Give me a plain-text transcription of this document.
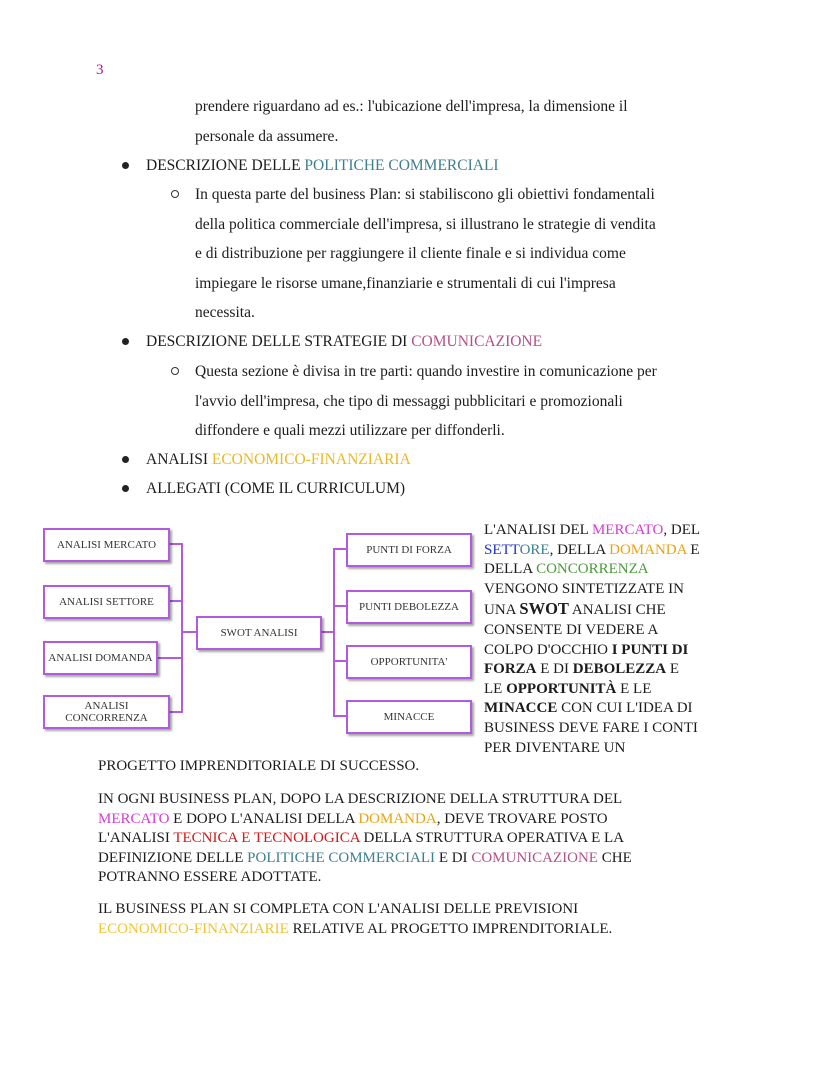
3
prendere riguardano ad es.: l'ubicazione dell'impresa, la dimensione il
personale da assumere.
DESCRIZIONE DELLE POLITICHE COMMERCIALI
In questa parte del business Plan: si stabiliscono gli obiettivi fondamentali
della politica commerciale dell'impresa, si illustrano le strategie di vendita
e di distribuzione per raggiungere il cliente finale e si individua come
impiegare le risorse umane,finanziarie e strumentali di cui l'impresa
necessita.
DESCRIZIONE DELLE STRATEGIE DI COMUNICAZIONE
Questa sezione è divisa in tre parti: quando investire in comunicazione per
l'avvio dell'impresa, che tipo di messaggi pubblicitari e promozionali
diffondere e quali mezzi utilizzare per diffonderli.
ANALISI ECONOMICO-FINANZIARIA
ALLEGATI (COME IL CURRICULUM)
ANALISI MERCATO
ANALISI SETTORE
ANALISI DOMANDA
ANALISI
CONCORRENZA
SWOT ANALISI
PUNTI DI FORZA
PUNTI DEBOLEZZA
OPPORTUNITA'
MINACCE
L'ANALISI DEL MERCATO, DEL
SETTORE, DELLA DOMANDA E
DELLA CONCORRENZA
VENGONO SINTETIZZATE IN
UNA SWOT ANALISI CHE
CONSENTE DI VEDERE A
COLPO D'OCCHIO I PUNTI DI
FORZA E DI DEBOLEZZA E
LE OPPORTUNITÀ E LE
MINACCE CON CUI L'IDEA DI
BUSINESS DEVE FARE I CONTI
PER DIVENTARE UN
PROGETTO IMPRENDITORIALE DI SUCCESSO.
IN OGNI BUSINESS PLAN, DOPO LA DESCRIZIONE DELLA STRUTTURA DEL
MERCATO E DOPO L'ANALISI DELLA DOMANDA, DEVE TROVARE POSTO
L'ANALISI TECNICA E TECNOLOGICA DELLA STRUTTURA OPERATIVA E LA
DEFINIZIONE DELLE POLITICHE COMMERCIALI E DI COMUNICAZIONE CHE
POTRANNO ESSERE ADOTTATE.
IL BUSINESS PLAN SI COMPLETA CON L'ANALISI DELLE PREVISIONI
ECONOMICO-FINANZIARIE RELATIVE AL PROGETTO IMPRENDITORIALE.
